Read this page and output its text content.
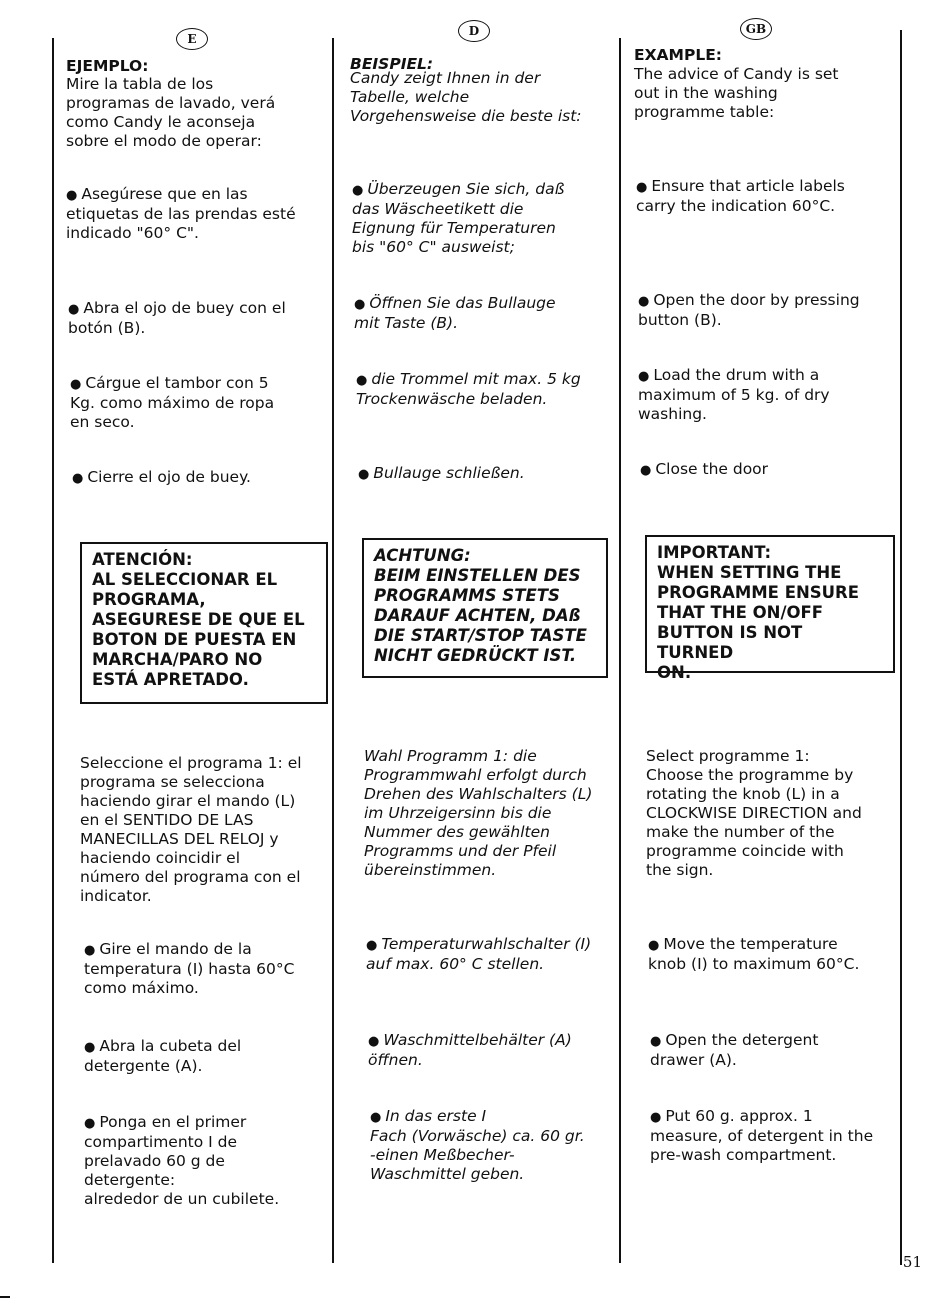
E
D	GB
EJEMPLO:
Mire la tabla de los
programas de lavado, verá
como Candy le aconseja
sobre el modo de operar:
● Asegúrese que en las
etiquetas de las prendas esté
indicado "60° C".
● Abra el ojo de buey con el
botón (B).
● Cárgue el tambor con 5
Kg. como máximo de ropa
en seco.
● Cierre el ojo de buey.
ATENCIÓN:
AL SELECCIONAR EL
PROGRAMA,
ASEGURESE DE QUE EL
BOTON DE PUESTA EN
MARCHA/PARO NO
ESTÁ APRETADO.
Seleccione el programa 1: el
programa se selecciona
haciendo girar el mando (L)
en el SENTIDO DE LAS
MANECILLAS DEL RELOJ y
haciendo coincidir el
número del programa con el
indicator.
● Gire el mando de la
temperatura (I) hasta 60°C
como máximo.
● Abra la cubeta del
detergente (A).
● Ponga en el primer
compartimento I de
prelavado 60 g de
detergente:
alrededor de un cubilete.
BEISPIEL:
Candy zeigt Ihnen in der
Tabelle, welche
Vorgehensweise die beste ist:
● Überzeugen Sie sich, daß
das Wäscheetikett die
Eignung für Temperaturen
bis "60° C" ausweist;
● Öffnen Sie das Bullauge
mit Taste (B).
● die Trommel mit max. 5 kg
Trockenwäsche beladen.
● Bullauge schließen.
ACHTUNG:
BEIM EINSTELLEN DES
PROGRAMMS STETS
DARAUF ACHTEN, DAß
DIE START/STOP TASTE
NICHT GEDRÜCKT IST.
Wahl Programm 1: die
Programmwahl erfolgt durch
Drehen des Wahlschalters (L)
im Uhrzeigersinn bis die
Nummer des gewählten
Programms und der Pfeil
übereinstimmen.
● Temperaturwahlschalter (I)
auf max. 60° C stellen.
● Waschmittelbehälter (A)
öffnen.
● In das erste I
Fach (Vorwäsche) ca. 60 gr.
-einen Meßbecher-
Waschmittel geben.
EXAMPLE:
The advice of Candy is set
out in the washing
programme table:
● Ensure that article labels
carry the indication 60°C.
● Open the door by pressing
button (B).
● Load the drum with a
maximum of 5 kg. of dry
washing.
● Close the door
IMPORTANT:
WHEN SETTING THE
PROGRAMME ENSURE
THAT THE ON/OFF
BUTTON IS NOT TURNED
ON.
Select programme 1:
Choose the programme by
rotating the knob (L) in a
CLOCKWISE DIRECTION and
make the number of the
programme coincide with
the sign.
● Move the temperature
knob (I) to maximum 60°C.
● Open the detergent
drawer (A).
● Put 60 g. approx. 1
measure, of detergent in the
pre-wash compartment.
51
